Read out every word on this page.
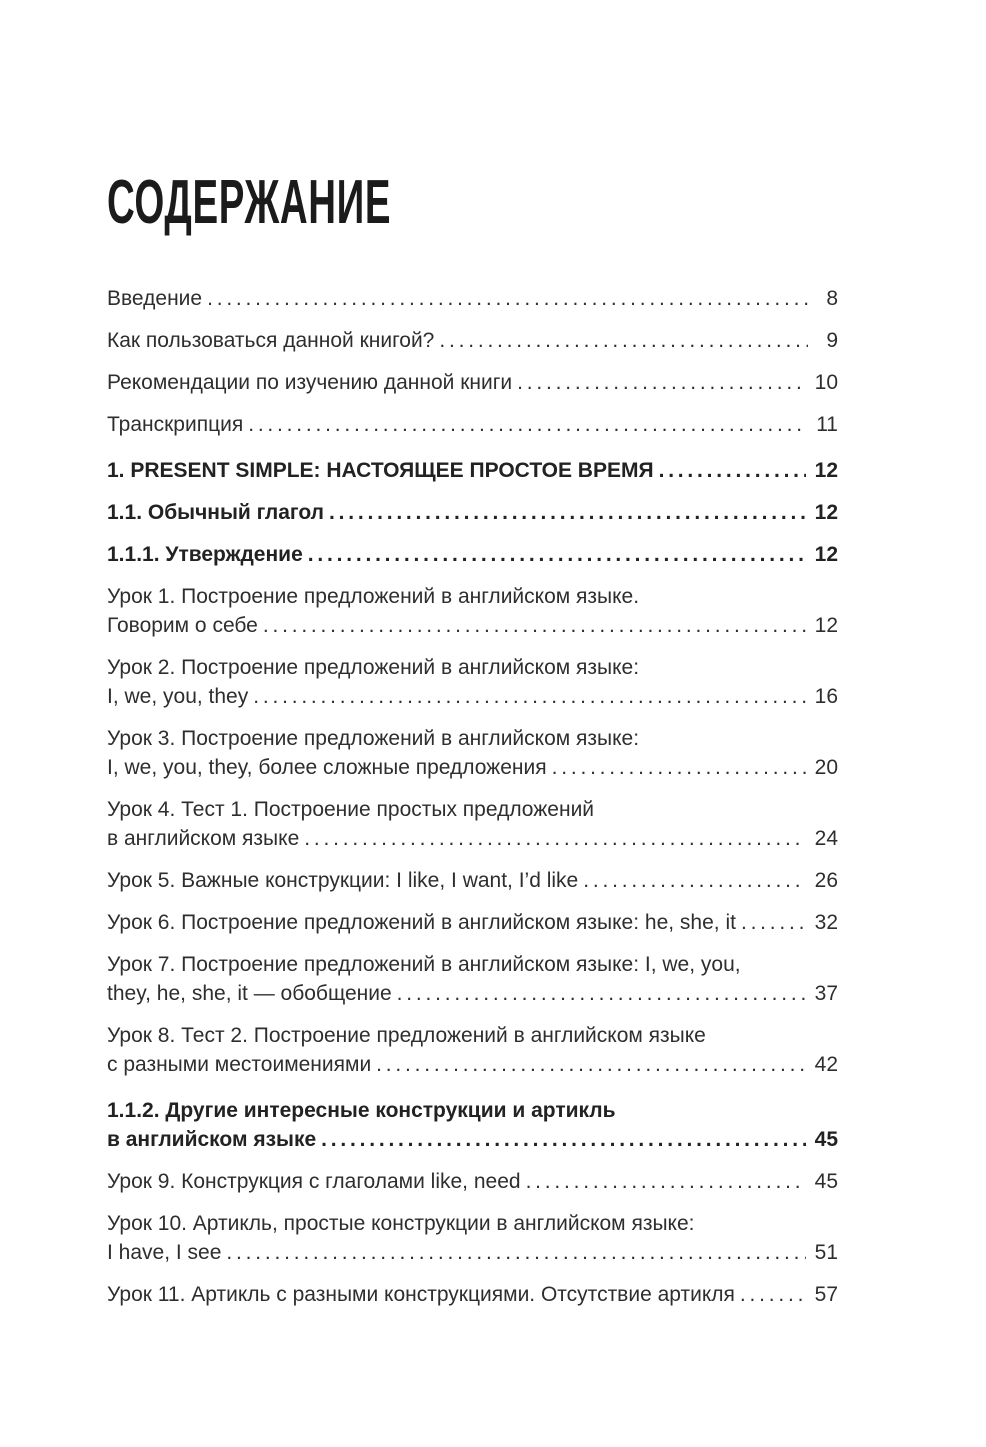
СОДЕРЖАНИЕ
Введение .....	8
Как пользоваться данной книгой? .....	9
Рекомендации по изучению данной книги .....	10
Транскрипция .....	11
1. PRESENT SIMPLE: НАСТОЯЩЕЕ ПРОСТОЕ ВРЕМЯ .....	12
1.1. Обычный глагол .....	12
1.1.1. Утверждение .....	12
Урок 1. Построение предложений в английском языке.
Говорим о себе .....	12
Урок 2. Построение предложений в английском языке:
I, we, you, they .....	16
Урок 3. Построение предложений в английском языке:
I, we, you, they, более сложные предложения .....	20
Урок 4. Тест 1. Построение простых предложений
в английском языке .....	24
Урок 5. Важные конструкции: I like, I want, I’d like .....	26
Урок 6. Построение предложений в английском языке: he, she, it .....	32
Урок 7. Построение предложений в английском языке: I, we, you,
they, he, she, it — обобщение .....	37
Урок 8. Тест 2. Построение предложений в английском языке
с разными местоимениями .....	42
1.1.2. Другие интересные конструкции и артикль
в английском языке .....	45
Урок 9. Конструкция с глаголами like, need .....	45
Урок 10. Артикль, простые конструкции в английском языке:
I have, I see .....	51
Урок 11. Артикль с разными конструкциями. Отсутствие артикля .....	57
